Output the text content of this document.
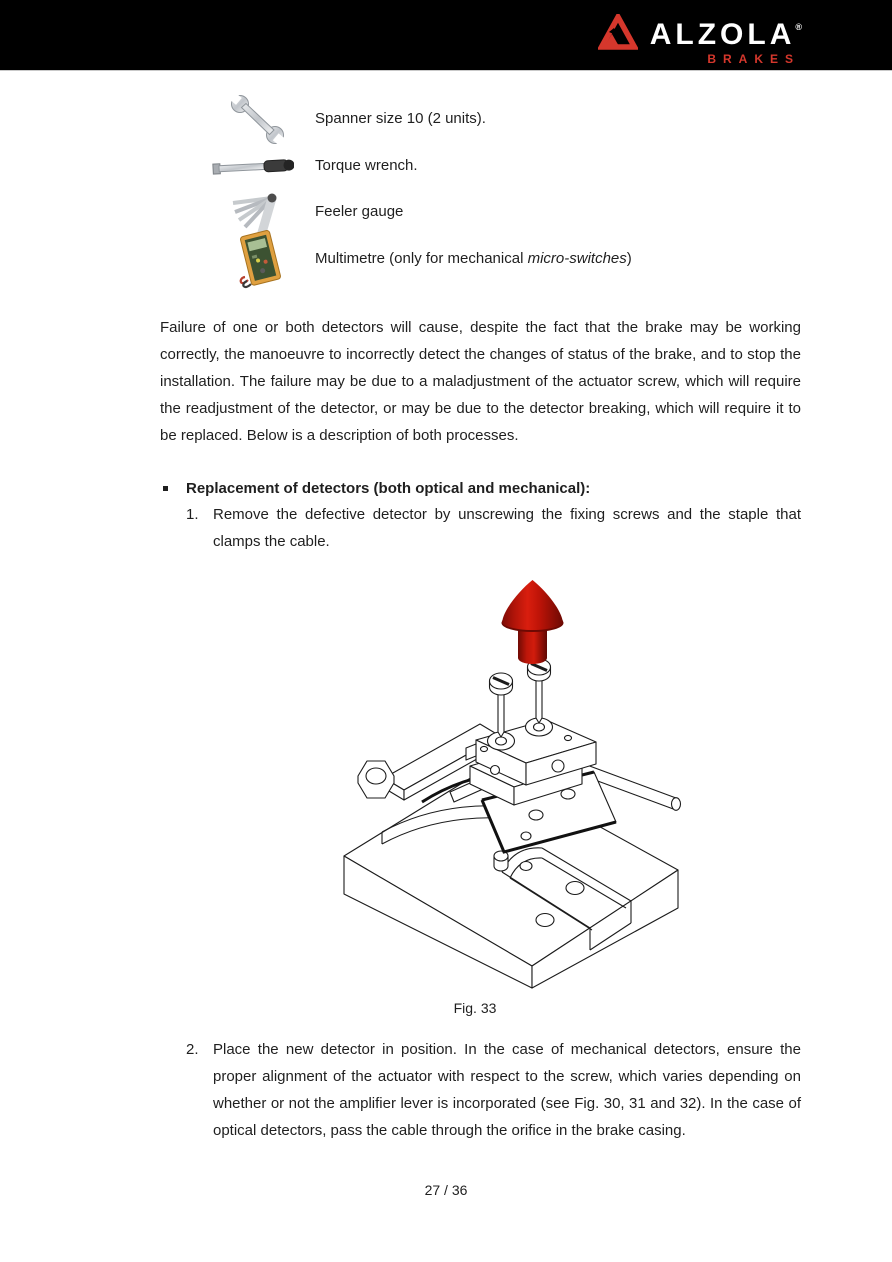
ALZOLA®
BRAKES
Spanner size 10 (2 units).
Torque wrench.
Feeler gauge
Multimetre (only for mechanical micro-switches)

Failure of one or both detectors will cause, despite the fact that the brake may be working correctly, the manoeuvre to incorrectly detect the changes of status of the brake, and to stop the installation. The failure may be due to a maladjustment of the actuator screw, which will require the readjustment of the detector, or may be due to the detector breaking, which will require it to be replaced. Below is a description of both processes.

Replacement of detectors (both optical and mechanical):
1. Remove the defective detector by unscrewing the fixing screws and the staple that clamps the cable.
Fig. 33
2. Place the new detector in position. In the case of mechanical detectors, ensure the proper alignment of the actuator with respect to the screw, which varies depending on whether or not the amplifier lever is incorporated (see Fig. 30, 31 and 32). In the case of optical detectors, pass the cable through the orifice in the brake casing.
27 / 36
